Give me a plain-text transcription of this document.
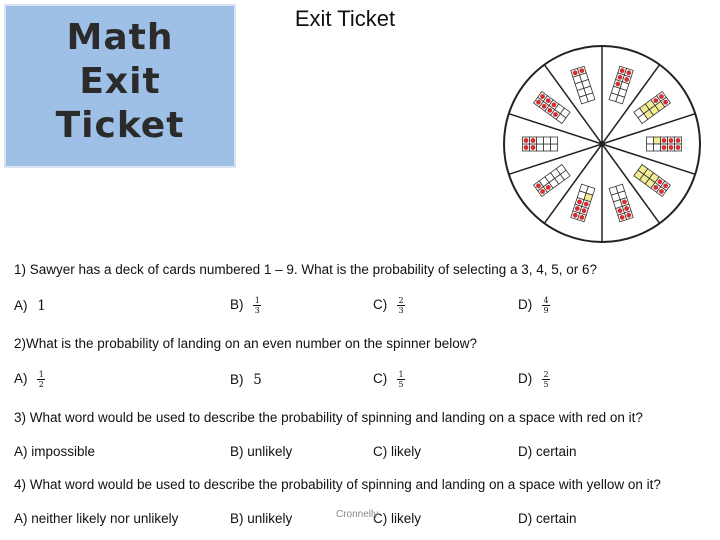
Math
Exit
Ticket
Exit Ticket
1) Sawyer has a deck of cards numbered 1 – 9. What is the probability of selecting a 3, 4, 5, or 6?
A) 1	$B) \frac{1}{3}$	$C) \frac{2}{3}$	$D) \frac{4}{9}$
2)What is the probability of landing on an even number on the spinner below?
$A) \frac{1}{2}$	B) 5	$C) \frac{1}{5}$	$D) \frac{2}{5}$
3) What word would be used to describe the probability of spinning and landing on a space with red on it?
A) impossible	B) unlikely	C) likely	D) certain
4) What word would be used to describe the probability of spinning and landing on a space with yellow on it?
A) neither likely nor unlikely	B) unlikely	C) likely	D) certain
Cronnelly
